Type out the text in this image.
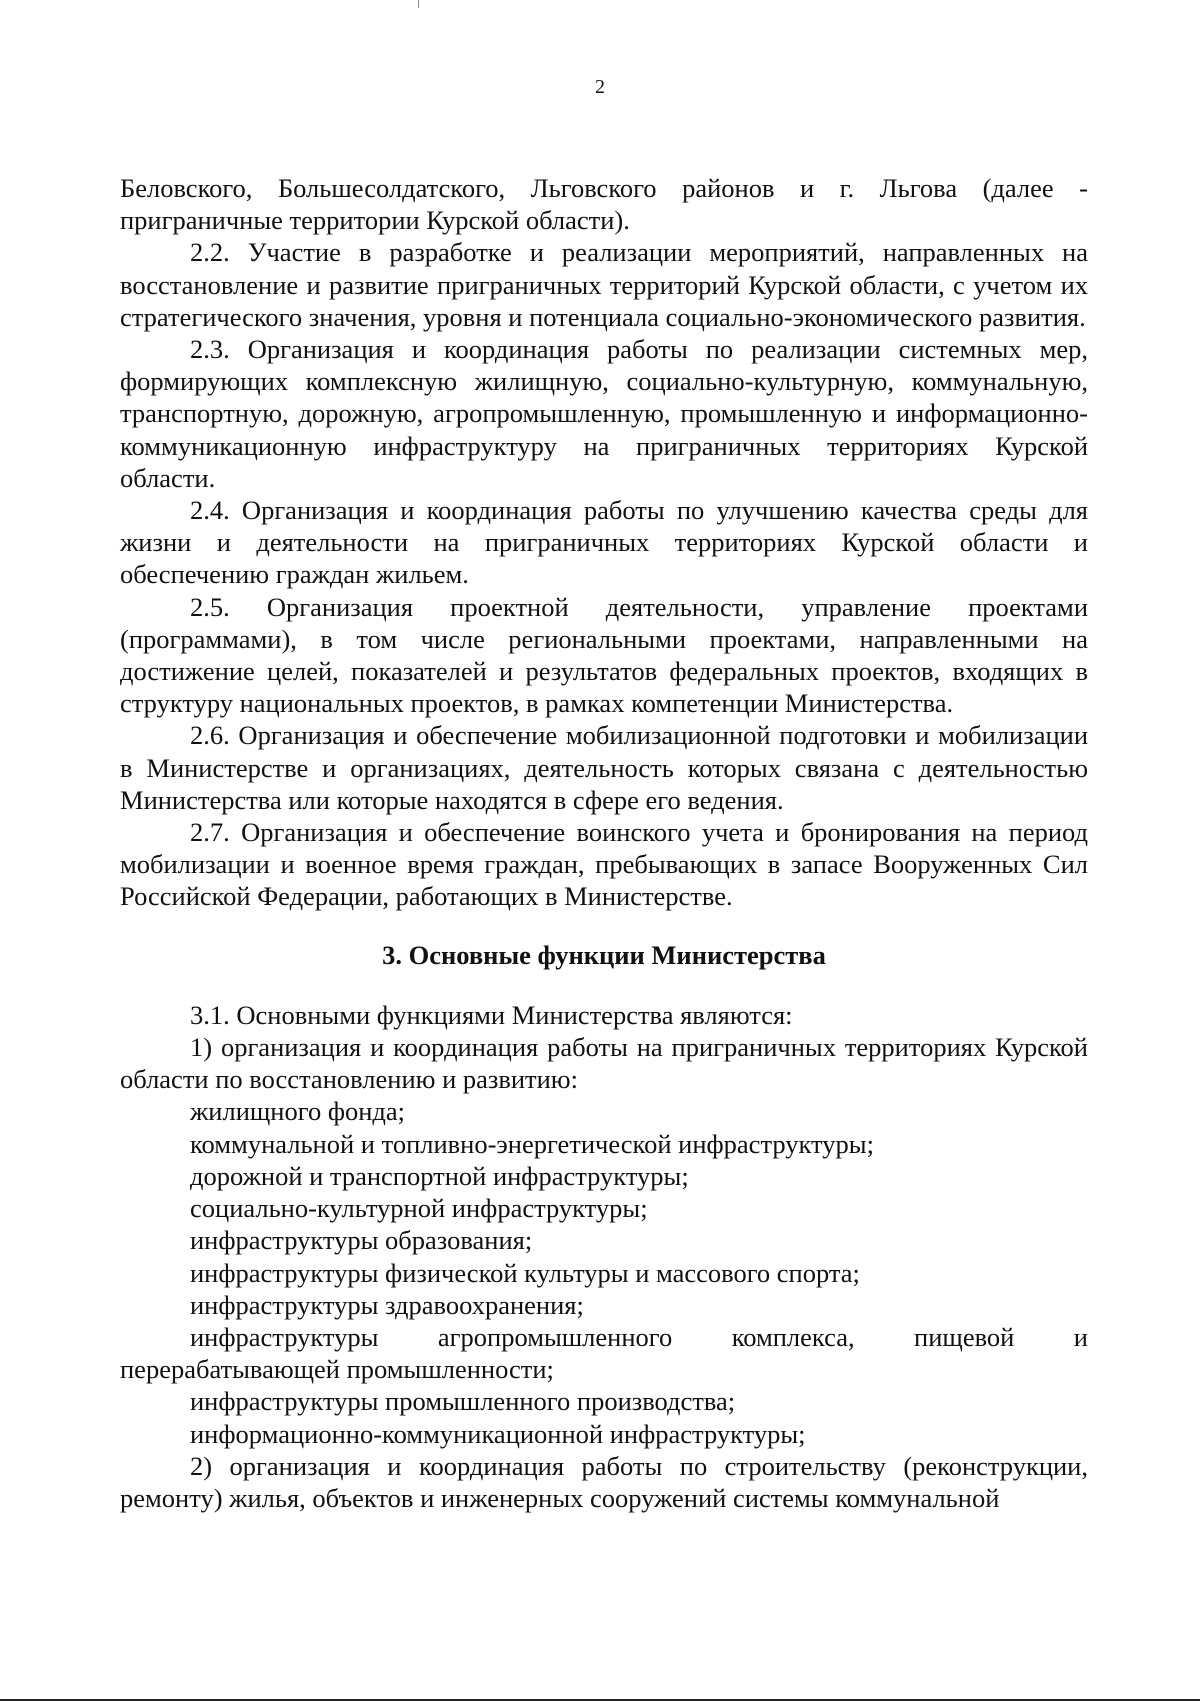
2

Беловского, Большесолдатского, Льговского районов и г. Льгова (далее - приграничные территории Курской области).

2.2. Участие в разработке и реализации мероприятий, направленных на восстановление и развитие приграничных территорий Курской области, с учетом их стратегического значения, уровня и потенциала социально-экономического развития.

2.3. Организация и координация работы по реализации системных мер, формирующих комплексную жилищную, социально-культурную, коммунальную, транспортную, дорожную, агропромышленную, промышленную и информационно-коммуникационную инфраструктуру на приграничных территориях Курской области.

2.4. Организация и координация работы по улучшению качества среды для жизни и деятельности на приграничных территориях Курской области и обеспечению граждан жильем.

2.5. Организация проектной деятельности, управление проектами (программами), в том числе региональными проектами, направленными на достижение целей, показателей и результатов федеральных проектов, входящих в структуру национальных проектов, в рамках компетенции Министерства.

2.6. Организация и обеспечение мобилизационной подготовки и мобилизации в Министерстве и организациях, деятельность которых связана с деятельностью Министерства или которые находятся в сфере его ведения.

2.7. Организация и обеспечение воинского учета и бронирования на период мобилизации и военное время граждан, пребывающих в запасе Вооруженных Сил Российской Федерации, работающих в Министерстве.

3. Основные функции Министерства

3.1. Основными функциями Министерства являются:

1) организация и координация работы на приграничных территориях Курской области по восстановлению и развитию:

жилищного фонда;

коммунальной и топливно-энергетической инфраструктуры;

дорожной и транспортной инфраструктуры;

социально-культурной инфраструктуры;

инфраструктуры образования;

инфраструктуры физической культуры и массового спорта;

инфраструктуры здравоохранения;

инфраструктуры агропромышленного комплекса, пищевой и перерабатывающей промышленности;

инфраструктуры промышленного производства;

информационно-коммуникационной инфраструктуры;

2) организация и координация работы по строительству (реконструкции, ремонту) жилья, объектов и инженерных сооружений системы коммунальной
